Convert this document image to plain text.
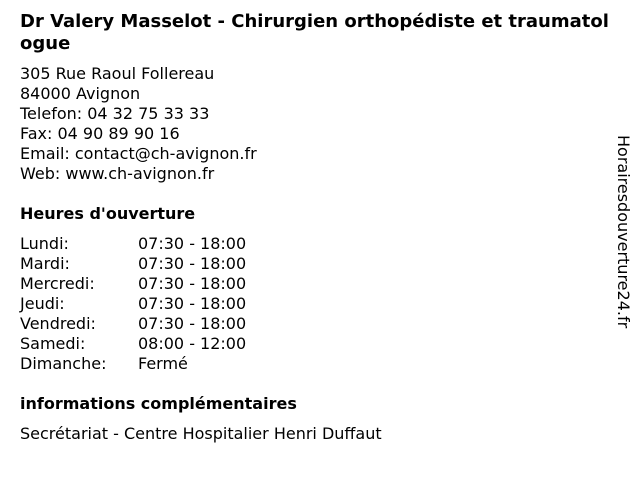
Dr Valery Masselot - Chirurgien orthopédiste et traumatologue
305 Rue Raoul Follereau
84000 Avignon
Telefon: 04 32 75 33 33
Fax: 04 90 89 90 16
Email: contact@ch-avignon.fr
Web: www.ch-avignon.fr
Heures d'ouverture
Lundi:	07:30 - 18:00
Mardi:	07:30 - 18:00
Mercredi:	07:30 - 18:00
Jeudi:	07:30 - 18:00
Vendredi:	07:30 - 18:00
Samedi:	08:00 - 12:00
Dimanche:	Fermé
informations complémentaires
Secrétariat - Centre Hospitalier Henri Duffaut
Horairesdouverture24.fr
